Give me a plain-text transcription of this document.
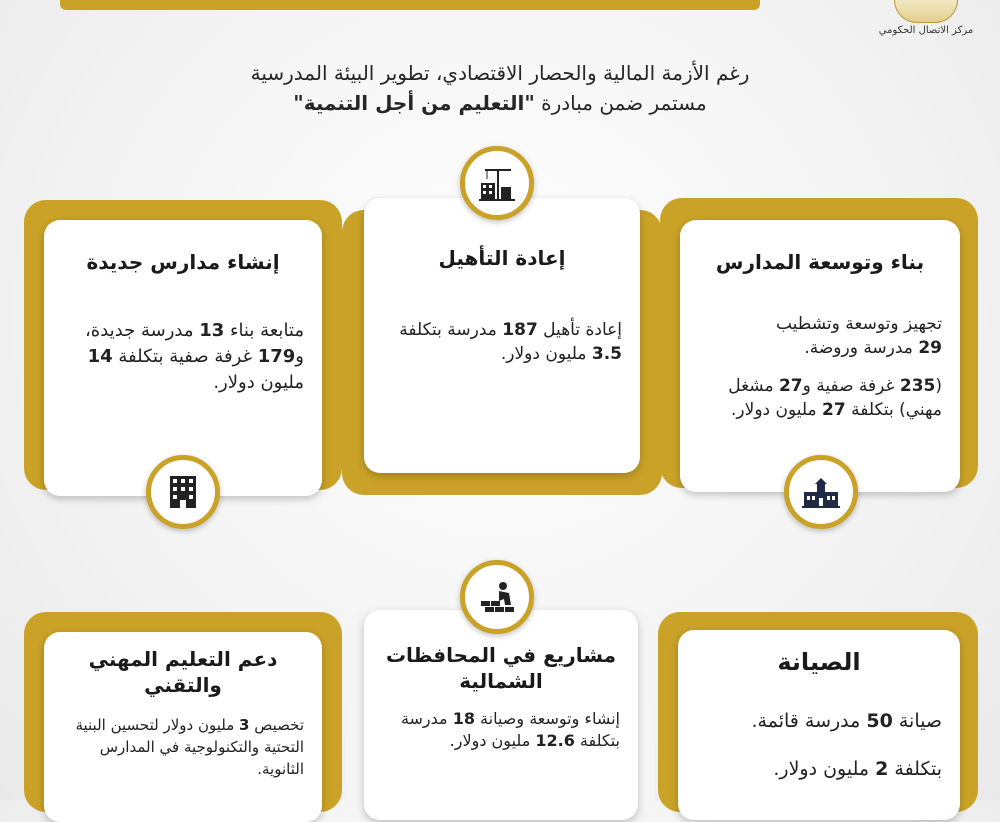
مركز الاتصال الحكومي
رغم الأزمة المالية والحصار الاقتصادي، تطوير البيئة المدرسية
مستمر ضمن مبادرة "التعليم من أجل التنمية"
بناء وتوسعة المدارس

تجهيز وتوسعة وتشطيب
29 مدرسة وروضة.

(235 غرفة صفية و27 مشغل مهني) بتكلفة 27 مليون دولار.

إعادة التأهيل

إعادة تأهيل 187 مدرسة بتكلفة 3.5 مليون دولار.

إنشاء مدارس جديدة

متابعة بناء 13 مدرسة جديدة، و179 غرفة صفية بتكلفة 14 مليون دولار.

الصيانة

صيانة 50 مدرسة قائمة.

بتكلفة 2 مليون دولار.

مشاريع في المحافظات الشمالية

إنشاء وتوسعة وصيانة 18 مدرسة بتكلفة 12.6 مليون دولار.

دعم التعليم المهني والتقني

تخصيص 3 مليون دولار لتحسين البنية التحتية والتكنولوجية في المدارس الثانوية.
